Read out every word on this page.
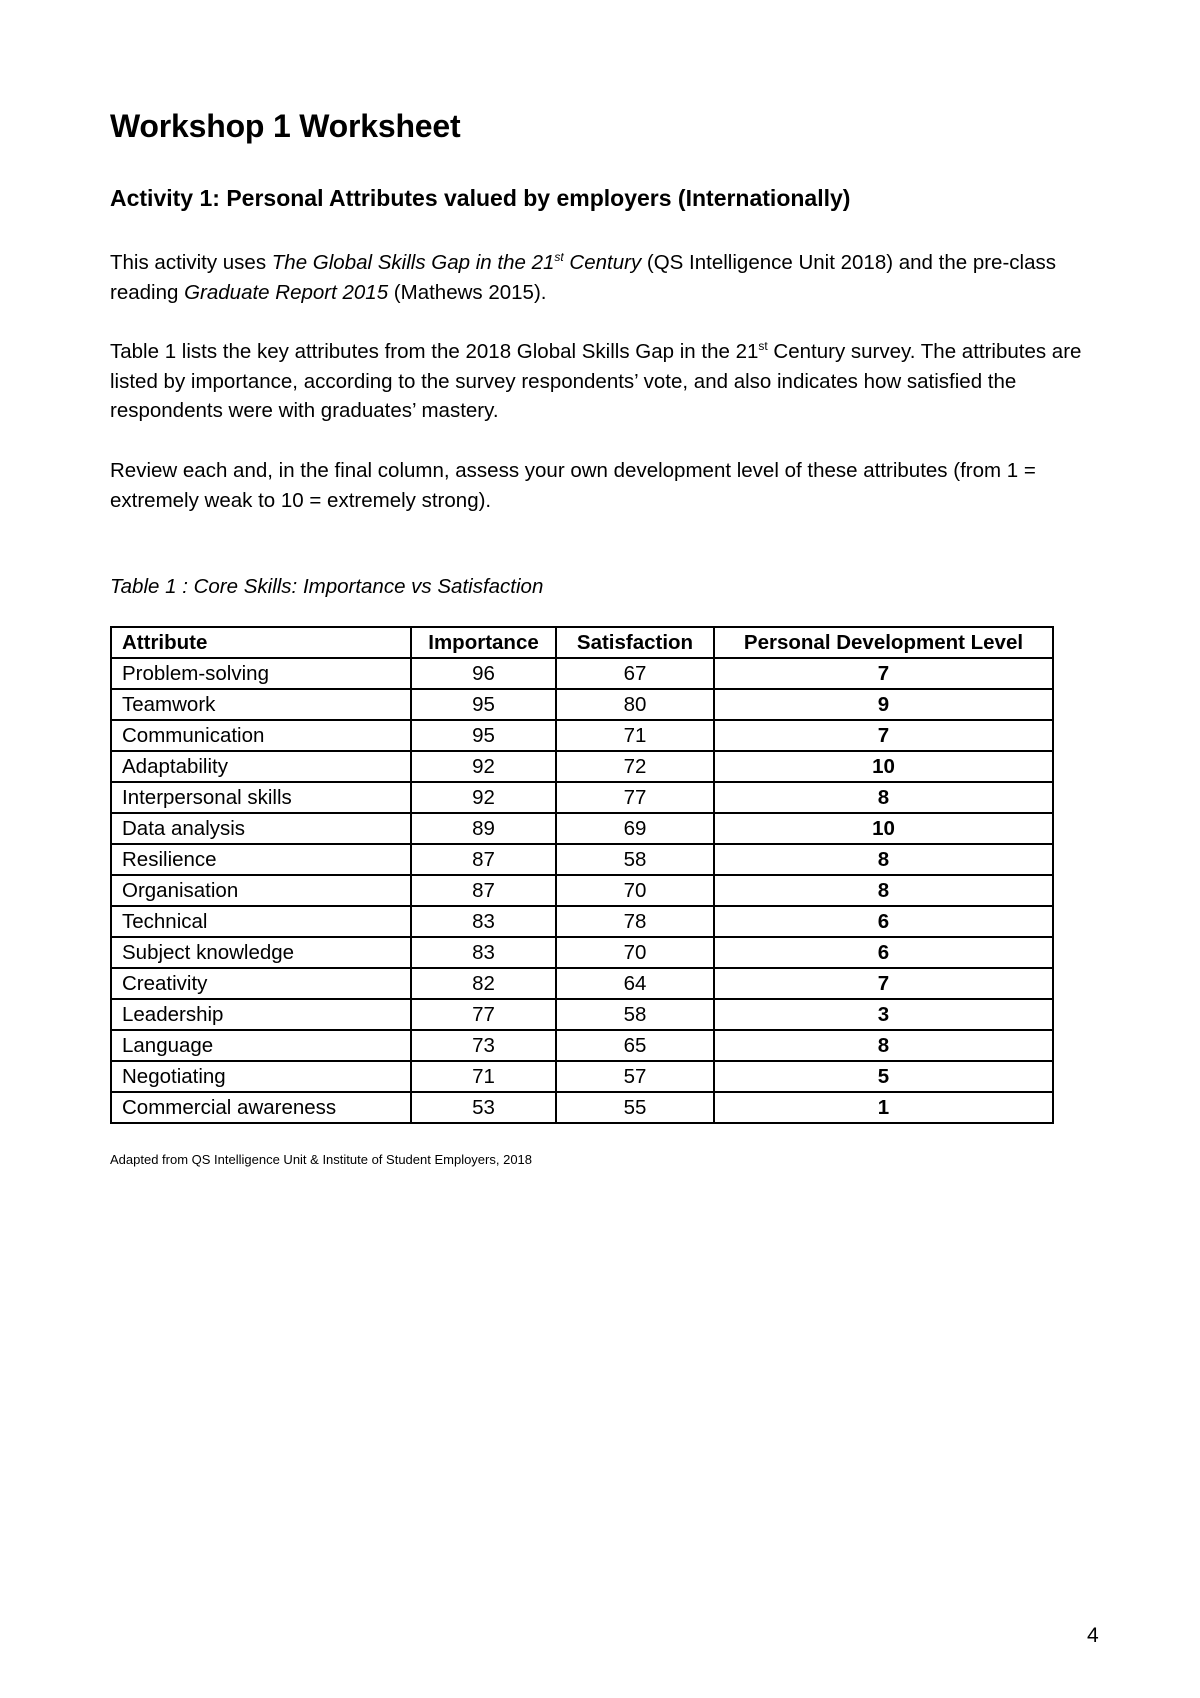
Workshop 1 Worksheet
Activity 1: Personal Attributes valued by employers (Internationally)

This activity uses The Global Skills Gap in the 21st Century (QS Intelligence Unit 2018) and the pre-class reading Graduate Report 2015 (Mathews 2015).

Table 1 lists the key attributes from the 2018 Global Skills Gap in the 21st Century survey. The attributes are listed by importance, according to the survey respondents’ vote, and also indicates how satisfied the respondents were with graduates’ mastery.

Review each and, in the final column, assess your own development level of these attributes (from 1 = extremely weak to 10 = extremely strong).

Table 1 : Core Skills: Importance vs Satisfaction
Attribute	Importance	Satisfaction	Personal Development Level
Problem-solving	96	67	7
Teamwork	95	80	9
Communication	95	71	7
Adaptability	92	72	10
Interpersonal skills	92	77	8
Data analysis	89	69	10
Resilience	87	58	8
Organisation	87	70	8
Technical	83	78	6
Subject knowledge	83	70	6
Creativity	82	64	7
Leadership	77	58	3
Language	73	65	8
Negotiating	71	57	5
Commercial awareness	53	55	1
Adapted from QS Intelligence Unit & Institute of Student Employers, 2018
4
